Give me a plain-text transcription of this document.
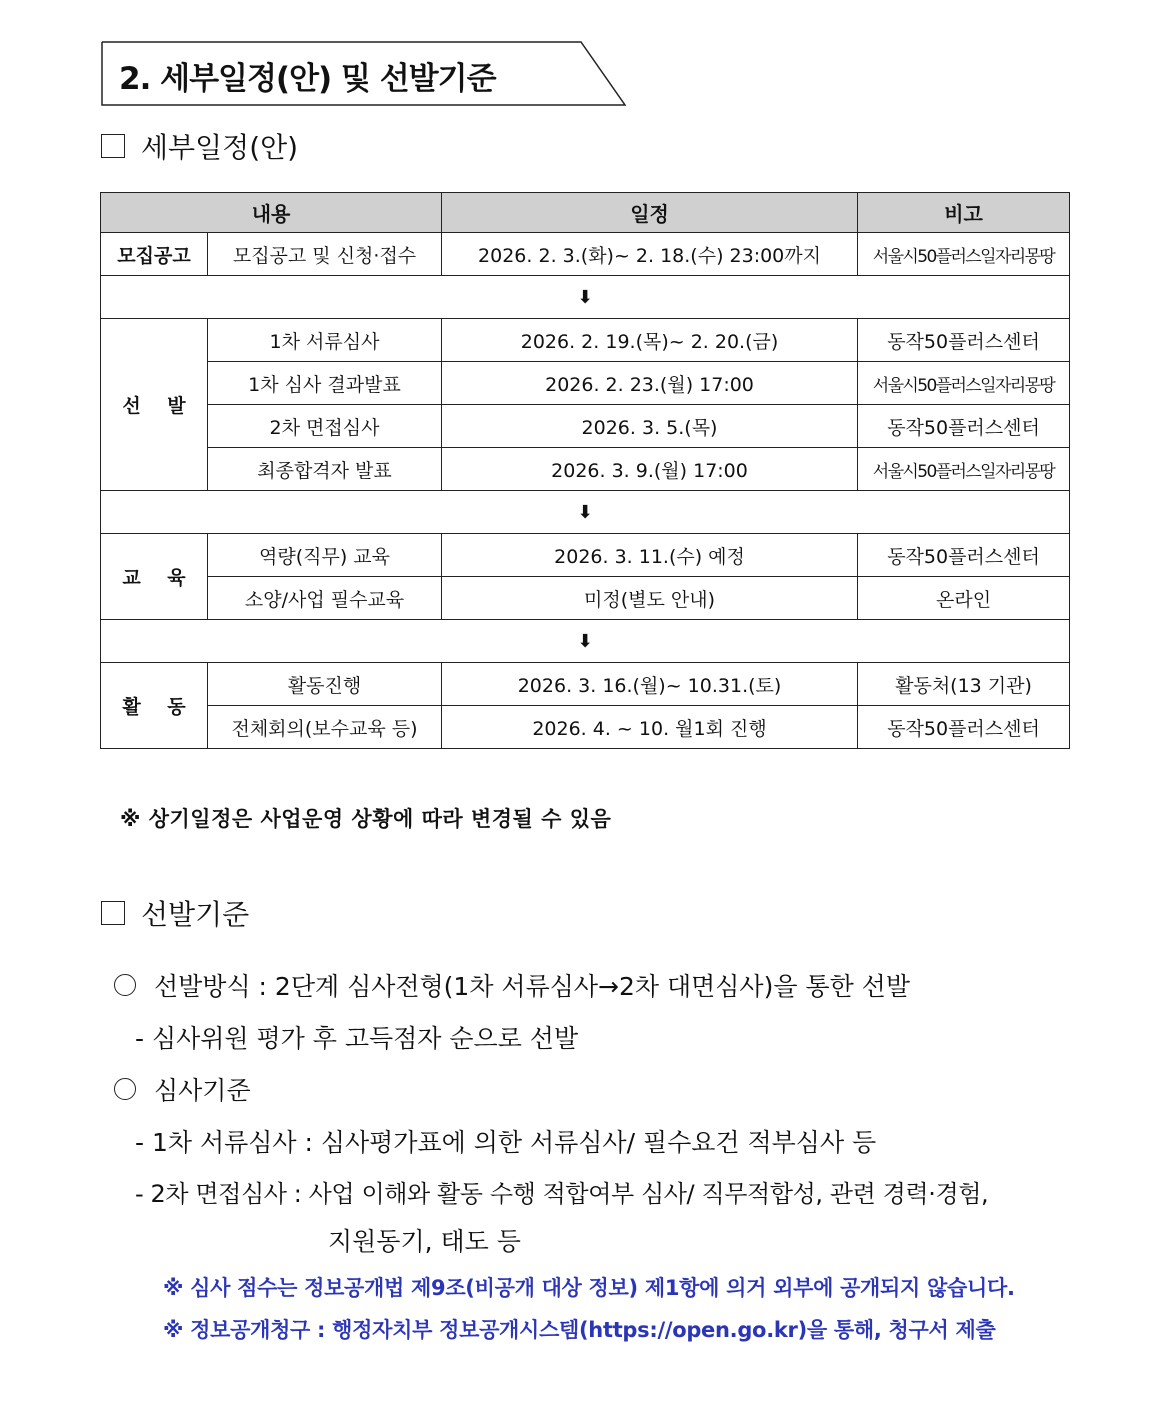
2. 세부일정(안) 및 선발기준
세부일정(안)
내용		일정	비고
모집공고	모집공고 및 신청·접수	2026. 2. 3.(화)~ 2. 18.(수) 23:00까지	서울시50플러스일자리몽땅
⬇			
선    발	1차 서류심사	2026. 2. 19.(목)~ 2. 20.(금)	동작50플러스센터
	1차 심사 결과발표	2026. 2. 23.(월) 17:00	서울시50플러스일자리몽땅
	2차 면접심사	2026. 3. 5.(목)	동작50플러스센터
	최종합격자 발표	2026. 3. 9.(월) 17:00	서울시50플러스일자리몽땅
⬇			
교    육	역량(직무) 교육	2026. 3. 11.(수) 예정	동작50플러스센터
	소양/사업 필수교육	미정(별도 안내)	온라인
⬇			
활    동	활동진행	2026. 3. 16.(월)~ 10.31.(토)	활동처(13 기관)
	전체회의(보수교육 등)	2026. 4. ~ 10. 월1회 진행	동작50플러스센터
※ 상기일정은 사업운영 상황에 따라 변경될 수 있음
선발기준
선발방식 : 2단계 심사전형(1차 서류심사→2차 대면심사)을 통한 선발
- 심사위원 평가 후 고득점자 순으로 선발
심사기준
- 1차 서류심사 : 심사평가표에 의한 서류심사/ 필수요건 적부심사 등
- 2차 면접심사 : 사업 이해와 활동 수행 적합여부 심사/ 직무적합성, 관련 경력·경험,
지원동기, 태도 등
※ 심사 점수는 정보공개법 제9조(비공개 대상 정보) 제1항에 의거 외부에 공개되지 않습니다.
※ 정보공개청구 : 행정자치부 정보공개시스템(https://open.go.kr)을 통해, 청구서 제출
